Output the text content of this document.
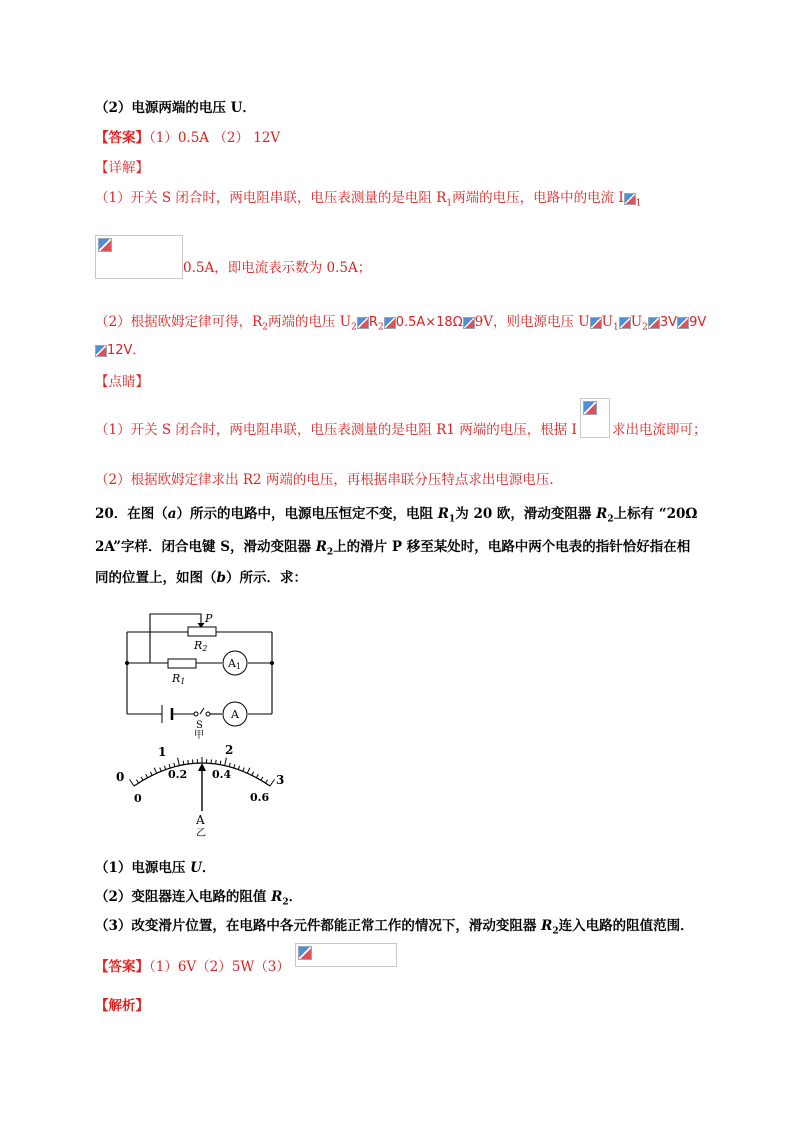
（2）电源两端的电压 U．
【答案】（1）0.5A （2） 12V
【详解】
（1）开关 S 闭合时，两电阻串联，电压表测量的是电阻 $R_1$两端的电压，电路中的电流 I $_1$
0.5A，即电流表示数为 0.5A；
（2）根据欧姆定律可得，$R_2$两端的电压 $U_2$ $R_2$ 0.5A×18Ω 9V，则电源电压 U $U_1$ $U_2$ 3V 9V
12V．
【点睛】
（1）开关 S 闭合时，两电阻串联，电压表测量的是电阻 R1 两端的电压，根据 I	求出电流即可；
（2）根据欧姆定律求出 R2 两端的电压，再根据串联分压特点求出电源电压.
20．在图（a）所示的电路中，电源电压恒定不变，电阻 $R_1$为 20 欧，滑动变阻器 $R_2$上标有 “20Ω
2A”字样．闭合电键 S，滑动变阻器 $R_2$上的滑片 P 移至某处时，电路中两个电表的指针恰好指在相
同的位置上，如图（b）所示．求：
P
R2
R1
A1
S
甲
A
0
1	2
3
0
0.2 0.4
0.6
A
乙
（1）电源电压 U．
（2）变阻器连入电路的阻值 $R_2$．
（3）改变滑片位置，在电路中各元件都能正常工作的情况下，滑动变阻器 $R_2$连入电路的阻值范围．
【答案】（1）6V（2）5W（3）
【解析】
